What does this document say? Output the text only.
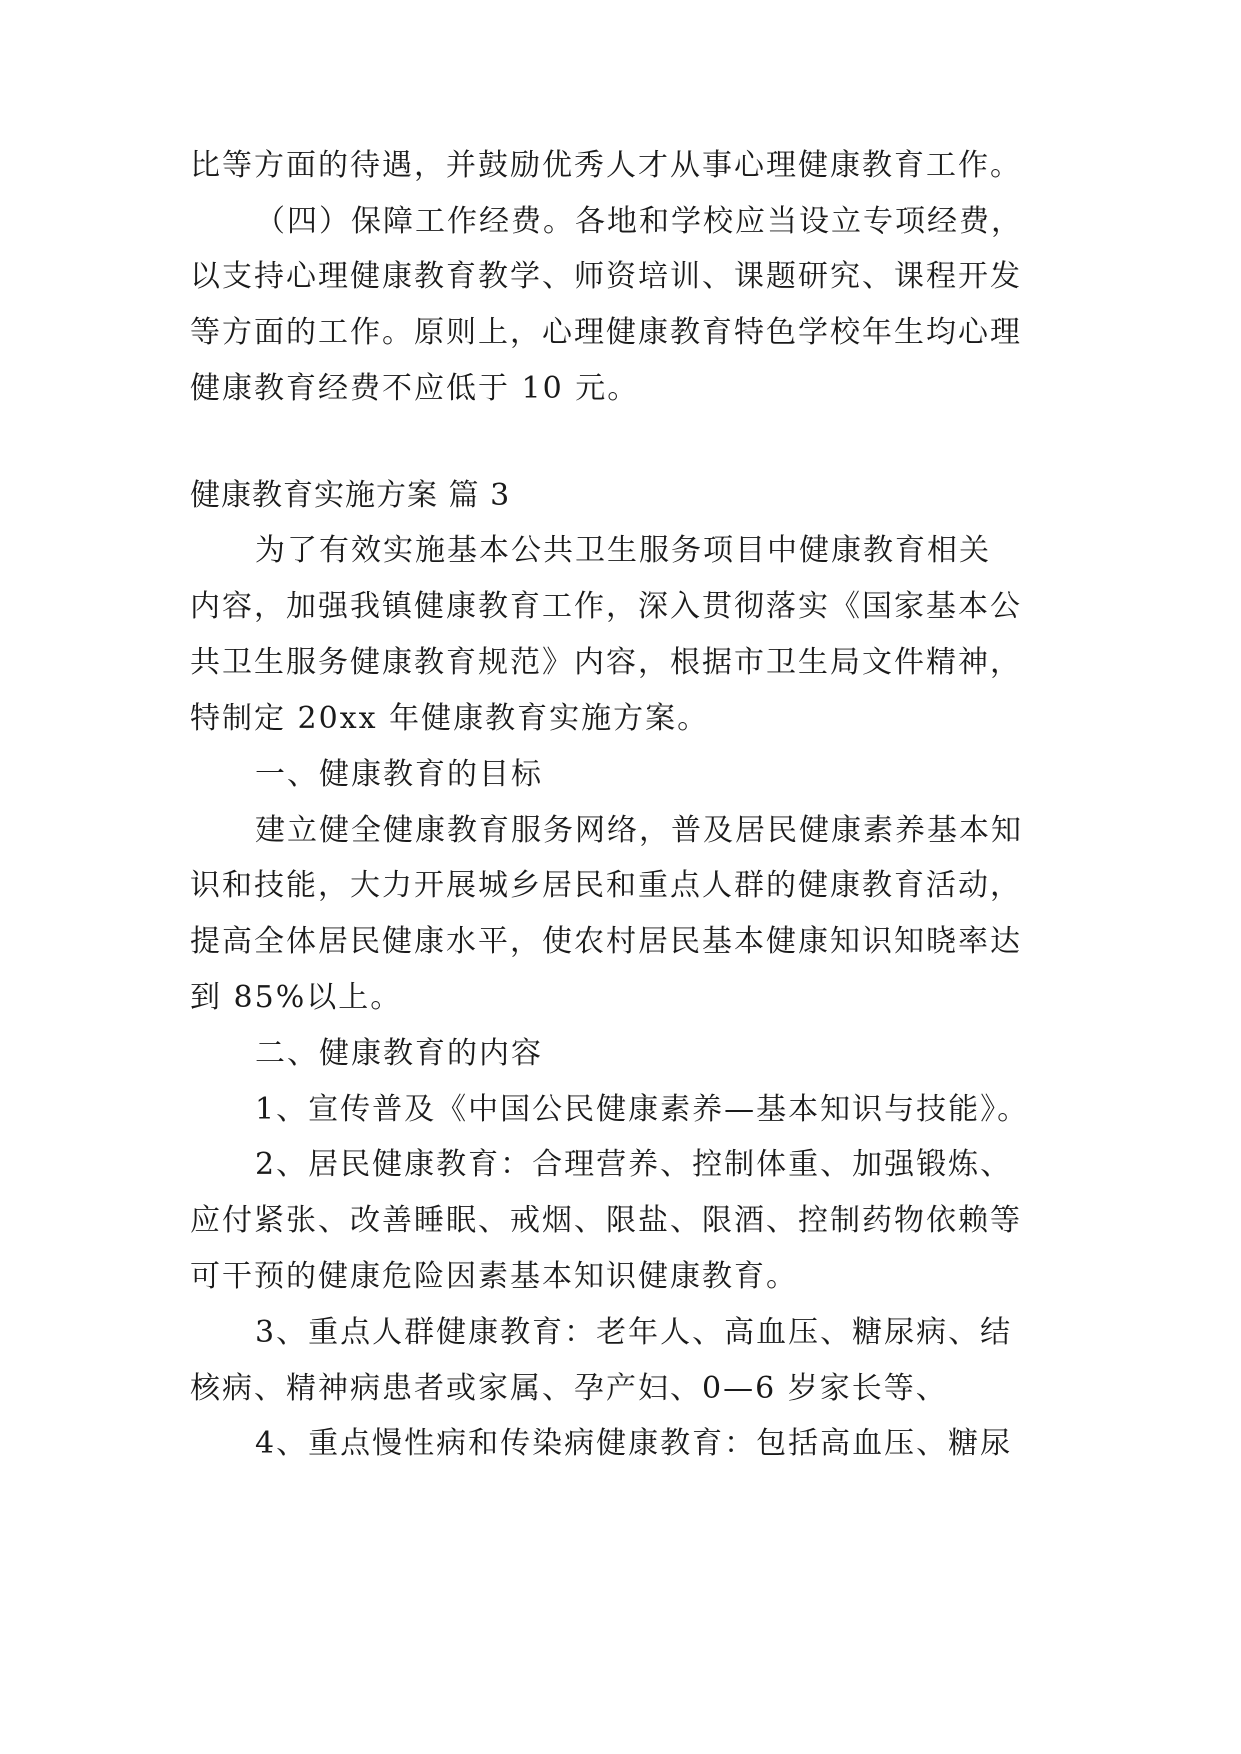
比等方面的待遇，并鼓励优秀人才从事心理健康教育工作。
（四）保障工作经费。各地和学校应当设立专项经费，
以支持心理健康教育教学、师资培训、课题研究、课程开发
等方面的工作。原则上，心理健康教育特色学校年生均心理
健康教育经费不应低于 10 元。
健康教育实施方案 篇 3
为了有效实施基本公共卫生服务项目中健康教育相关
内容，加强我镇健康教育工作，深入贯彻落实《国家基本公
共卫生服务健康教育规范》内容，根据市卫生局文件精神，
特制定 20xx 年健康教育实施方案。
一、健康教育的目标
建立健全健康教育服务网络，普及居民健康素养基本知
识和技能，大力开展城乡居民和重点人群的健康教育活动，
提高全体居民健康水平，使农村居民基本健康知识知晓率达
到 85%以上。
二、健康教育的内容
1、宣传普及《中国公民健康素养—基本知识与技能》。
2、居民健康教育：合理营养、控制体重、加强锻炼、
应付紧张、改善睡眠、戒烟、限盐、限酒、控制药物依赖等
可干预的健康危险因素基本知识健康教育。
3、重点人群健康教育：老年人、高血压、糖尿病、结
核病、精神病患者或家属、孕产妇、0—6 岁家长等、
4、重点慢性病和传染病健康教育：包括高血压、糖尿
